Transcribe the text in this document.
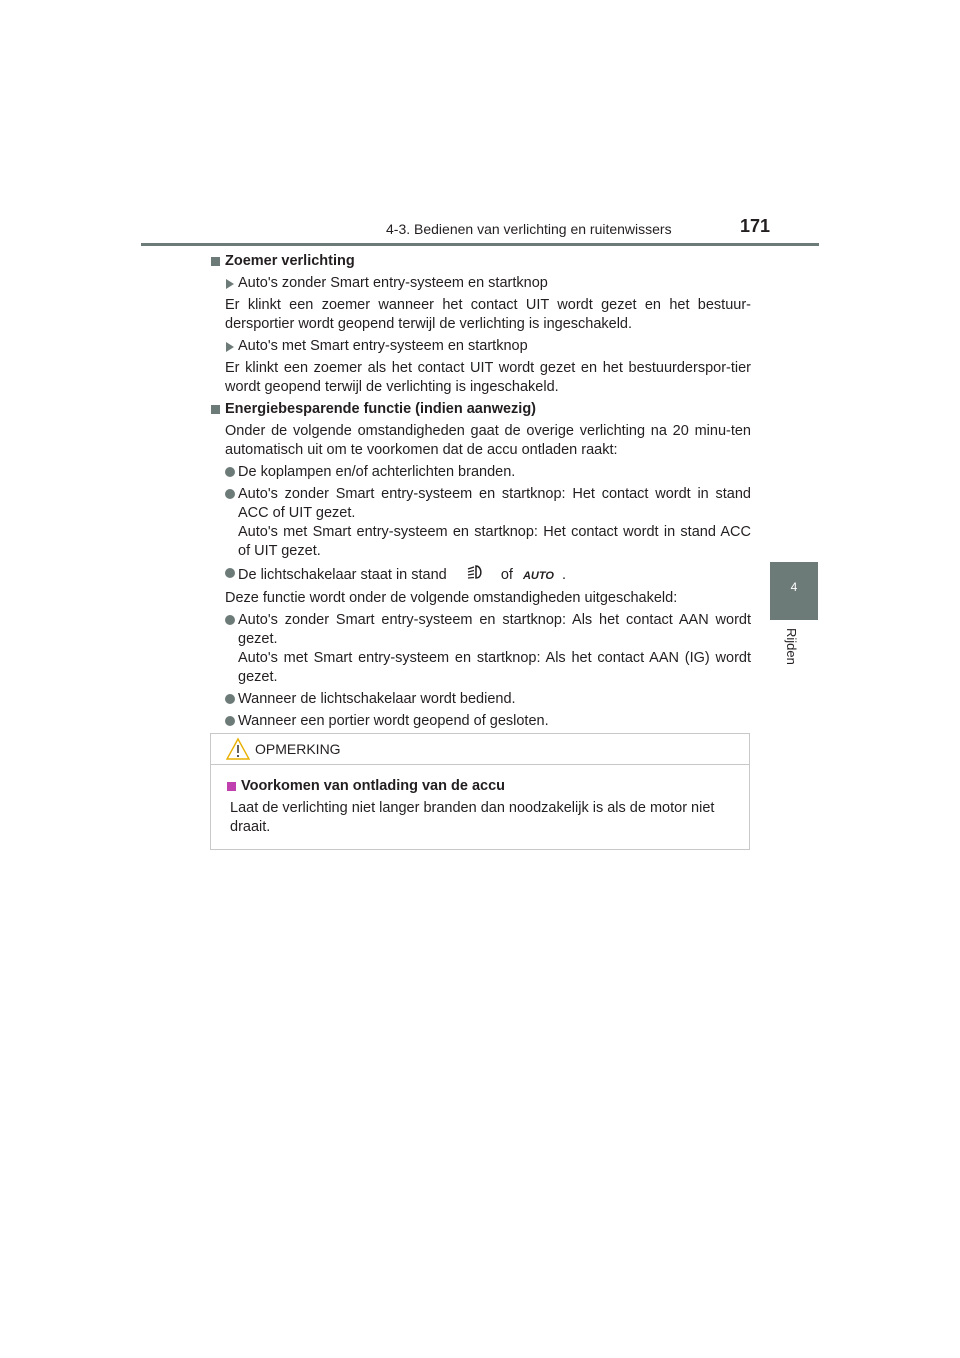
4-3. Bedienen van verlichting en ruitenwissers	171
4
Rijden
Zoemer verlichting
Auto's zonder Smart entry-systeem en startknop
Er klinkt een zoemer wanneer het contact UIT wordt gezet en het bestuur-dersportier wordt geopend terwijl de verlichting is ingeschakeld.
Auto's met Smart entry-systeem en startknop
Er klinkt een zoemer als het contact UIT wordt gezet en het bestuurderspor-tier wordt geopend terwijl de verlichting is ingeschakeld.
Energiebesparende functie (indien aanwezig)
Onder de volgende omstandigheden gaat de overige verlichting na 20 minu-ten automatisch uit om te voorkomen dat de accu ontladen raakt:
De koplampen en/of achterlichten branden.
Auto's zonder Smart entry-systeem en startknop: Het contact wordt in stand ACC of UIT gezet.
Auto's met Smart entry-systeem en startknop: Het contact wordt in stand ACC of UIT gezet.
De lichtschakelaar staat in stand	of AUTO .
Deze functie wordt onder de volgende omstandigheden uitgeschakeld:
Auto's zonder Smart entry-systeem en startknop: Als het contact AAN wordt gezet.
Auto's met Smart entry-systeem en startknop: Als het contact AAN (IG) wordt gezet.
Wanneer de lichtschakelaar wordt bediend.
Wanneer een portier wordt geopend of gesloten.
OPMERKING
Voorkomen van ontlading van de accu
Laat de verlichting niet langer branden dan noodzakelijk is als de motor niet draait.
